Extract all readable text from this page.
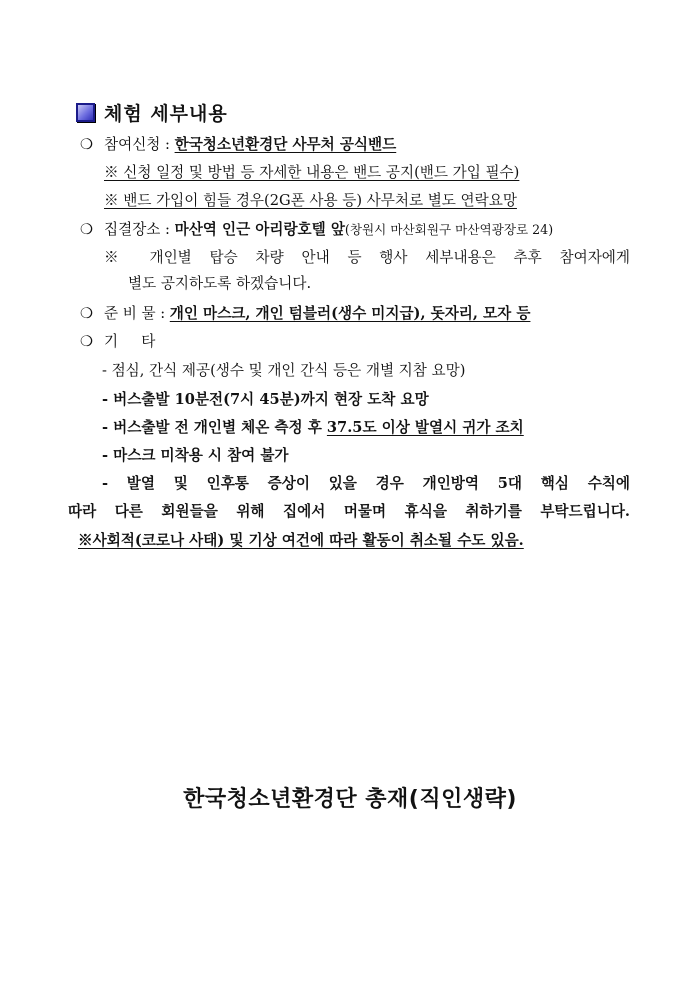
체험 세부내용
❍ 참여신청 : 한국청소년환경단 사무처 공식밴드
※ 신청 일정 및 방법 등 자세한 내용은 밴드 공지(밴드 가입 필수)
※ 밴드 가입이 힘들 경우(2G폰 사용 등) 사무처로 별도 연락요망
❍ 집결장소 : 마산역 인근 아리랑호텔 앞(창원시 마산회원구 마산역광장로 24)
※ 개인별 탑승 차량 안내 등 행사 세부내용은 추후 참여자에게
별도 공지하도록 하겠습니다.
❍ 준 비 물 : 개인 마스크, 개인 텀블러(생수 미지급), 돗자리, 모자 등
❍ 기     타
- 점심, 간식 제공(생수 및 개인 간식 등은 개별 지참 요망)
- 버스출발 10분전(7시 45분)까지 현장 도착 요망
- 버스출발 전 개인별 체온 측정 후 37.5도 이상 발열시 귀가 조치
- 마스크 미착용 시 참여 불가
- 발열 및 인후통 증상이 있을 경우 개인방역 5대 핵심 수칙에
따라 다른 회원들을 위해 집에서 머물며 휴식을 취하기를 부탁드립니다.
※사회적(코로나 사태) 및 기상 여건에 따라 활동이 취소될 수도 있음.
한국청소년환경단 총재(직인생략)
